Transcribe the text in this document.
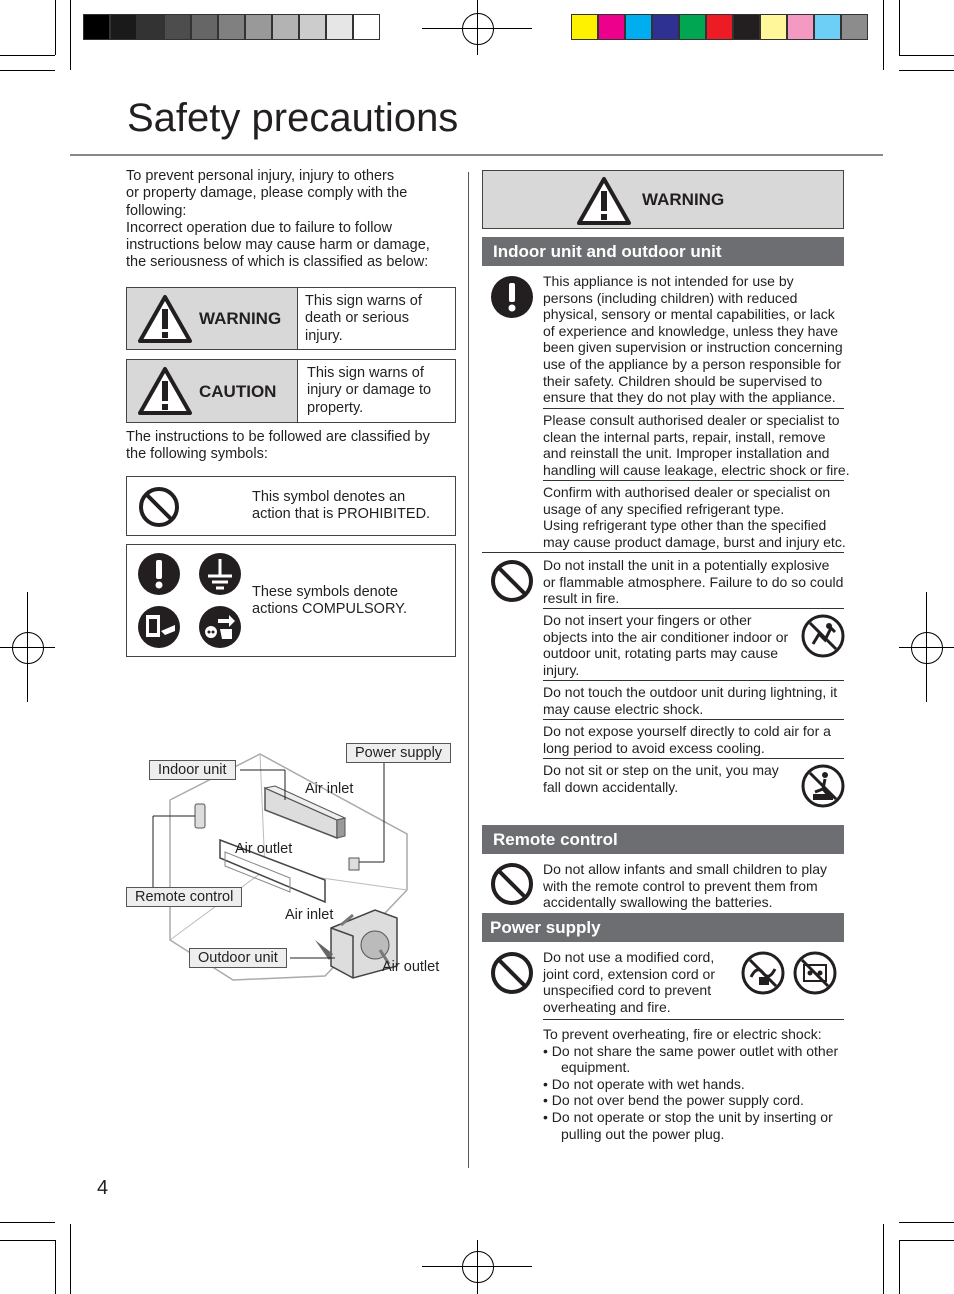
Safety precautions
To prevent personal injury, injury to others
or property damage, please comply with the
following:
Incorrect operation due to failure to follow
instructions below may cause harm or damage,
the seriousness of which is classified as below:
WARNING
This sign warns of
death or serious
injury.
CAUTION
This sign warns of
injury or damage to
property.
The instructions to be followed are classified by
the following symbols:
This symbol denotes an
action that is PROHIBITED.
These symbols denote
actions COMPULSORY.
Indoor unit
Power supply
Remote control
Outdoor unit
Air inlet
Air outlet
Air inlet
Air outlet
4
WARNING
Indoor unit and outdoor unit
This appliance is not intended for use by
persons (including children) with reduced
physical, sensory or mental capabilities, or lack
of experience and knowledge, unless they have
been given supervision or instruction concerning
use of the appliance by a person responsible for
their safety. Children should be supervised to
ensure that they do not play with the appliance.
Please consult authorised dealer or specialist to
clean the internal parts, repair, install, remove
and reinstall the unit. Improper installation and
handling will cause leakage, electric shock or fire.
Confirm with authorised dealer or specialist on
usage of any specified refrigerant type.
Using refrigerant type other than the specified
may cause product damage, burst and injury etc.
Do not install the unit in a potentially explosive
or flammable atmosphere. Failure to do so could
result in fire.
Do not insert your fingers or other
objects into the air conditioner indoor or
outdoor unit, rotating parts may cause
injury.
Do not touch the outdoor unit during lightning, it
may cause electric shock.
Do not expose yourself directly to cold air for a
long period to avoid excess cooling.
Do not sit or step on the unit, you may
fall down accidentally.
Remote control
Do not allow infants and small children to play
with the remote control to prevent them from
accidentally swallowing the batteries.
Power supply
Do not use a modified cord,
joint cord, extension cord or
unspecified cord to prevent
overheating and fire.
To prevent overheating, fire or electric shock:
• Do not share the same power outlet with other
equipment.
• Do not operate with wet hands.
• Do not over bend the power supply cord.
• Do not operate or stop the unit by inserting or
pulling out the power plug.
